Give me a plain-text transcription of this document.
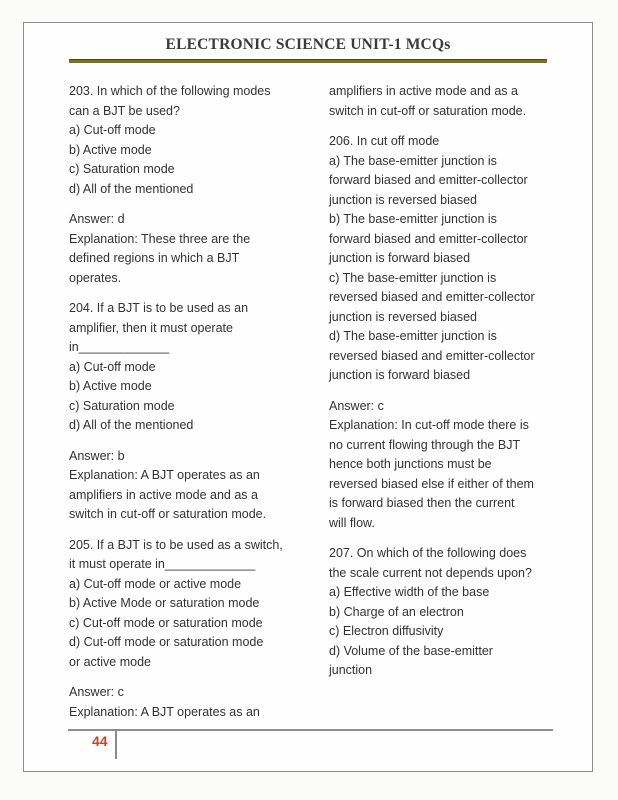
ELECTRONIC SCIENCE UNIT-1 MCQs
203. In which of the following modes
can a BJT be used?
a) Cut-off mode
b) Active mode
c) Saturation mode
d) All of the mentioned
Answer: d
Explanation: These three are the
defined regions in which a BJT
operates.
204. If a BJT is to be used as an
amplifier, then it must operate
in_____________
a) Cut-off mode
b) Active mode
c) Saturation mode
d) All of the mentioned
Answer: b
Explanation: A BJT operates as an
amplifiers in active mode and as a
switch in cut-off or saturation mode.
205. If a BJT is to be used as a switch,
it must operate in_____________
a) Cut-off mode or active mode
b) Active Mode or saturation mode
c) Cut-off mode or saturation mode
d) Cut-off mode or saturation mode
or active mode
Answer: c
Explanation: A BJT operates as an
amplifiers in active mode and as a
switch in cut-off or saturation mode.
206. In cut off mode
a) The base-emitter junction is
forward biased and emitter-collector
junction is reversed biased
b) The base-emitter junction is
forward biased and emitter-collector
junction is forward biased
c) The base-emitter junction is
reversed biased and emitter-collector
junction is reversed biased
d) The base-emitter junction is
reversed biased and emitter-collector
junction is forward biased
Answer: c
Explanation: In cut-off mode there is
no current flowing through the BJT
hence both junctions must be
reversed biased else if either of them
is forward biased then the current
will flow.
207. On which of the following does
the scale current not depends upon?
a) Effective width of the base
b) Charge of an electron
c) Electron diffusivity
d) Volume of the base-emitter
junction
44
